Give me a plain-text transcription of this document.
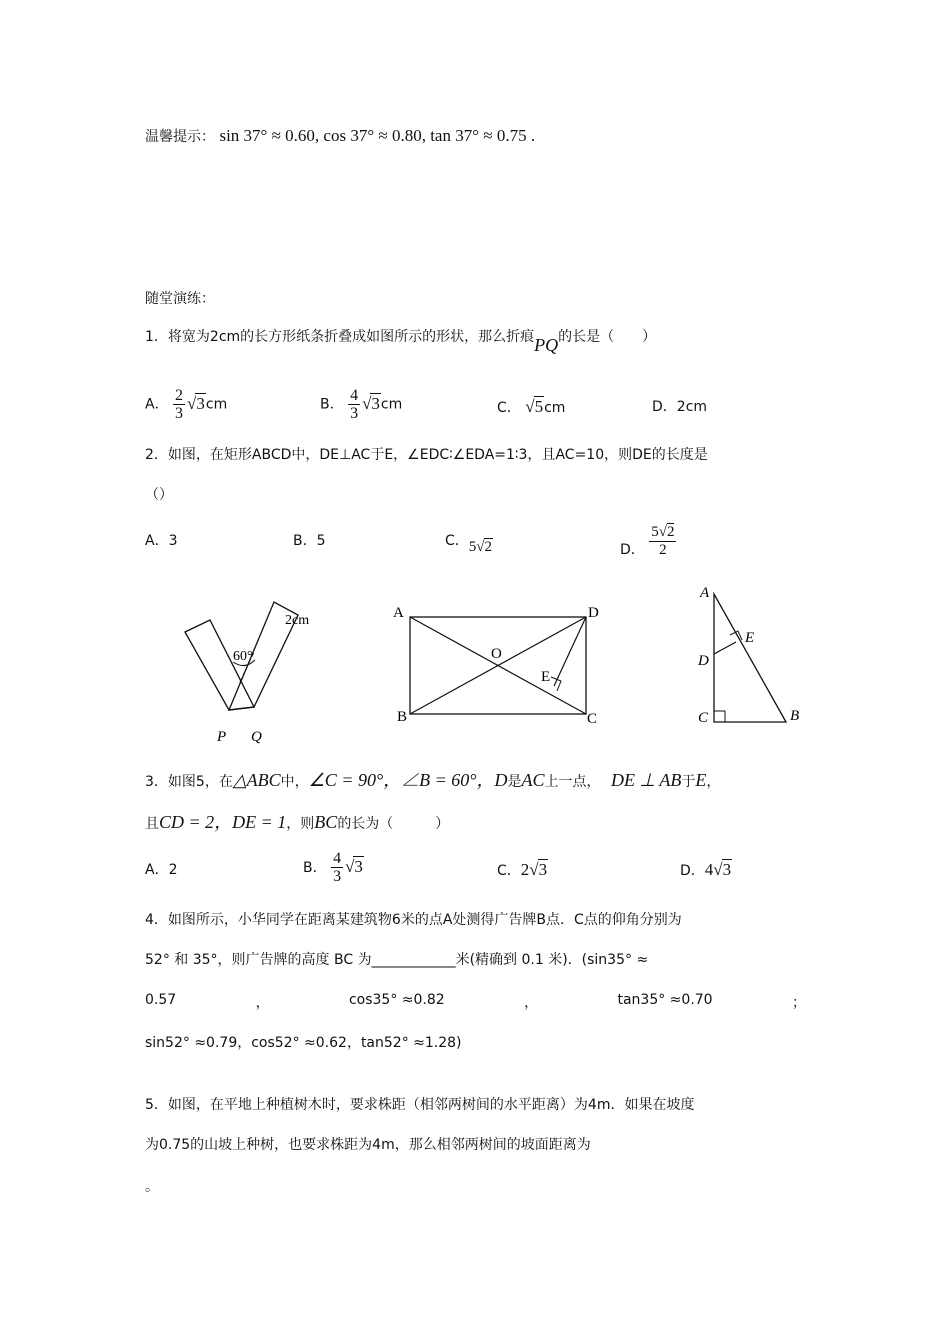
温馨提示： sin 37° ≈ 0.60, cos 37° ≈ 0.80, tan 37° ≈ 0.75 .
随堂演练：
1．将宽为2cm的长方形纸条折叠成如图所示的形状，那么折痕PQ的长是（　　）
A． $\frac{2}{3} √3cm$	B． $\frac{4}{3} √3cm$	C． √5cm	D．2cm
2．如图，在矩形ABCD中，DE⊥AC于E，∠EDC∶∠EDA=1∶3，且AC=10，则DE的长度是
（）
A．3	B．5	C．5√2	D． $\frac{5√2}{2}$
2cm
60°
P Q
A	D
B	C
O
E
A
D
E
C	B
3．如图5，在△ABC中，∠C = 90°，∠B = 60°，D是AC上一点， DE ⊥ AB于E，
且CD = 2，DE = 1，则BC的长为（　　　）
A．2	B． $\frac{4}{3} √3$	C．2√3	D．4√3
4．如图所示，小华同学在距离某建筑物6米的点A处测得广告牌B点．C点的仰角分别为
52° 和 35°，则广告牌的高度 BC 为____________米(精确到 0.1 米)．(sin35° ≈
0.57	，	cos35° ≈0.82	，	tan35° ≈0.70	；
sin52° ≈0.79，cos52° ≈0.62，tan52° ≈1.28)
5．如图，在平地上种植树木时，要求株距（相邻两树间的水平距离）为4m．如果在坡度
为0.75的山坡上种树，也要求株距为4m，那么相邻两树间的坡面距离为
。
